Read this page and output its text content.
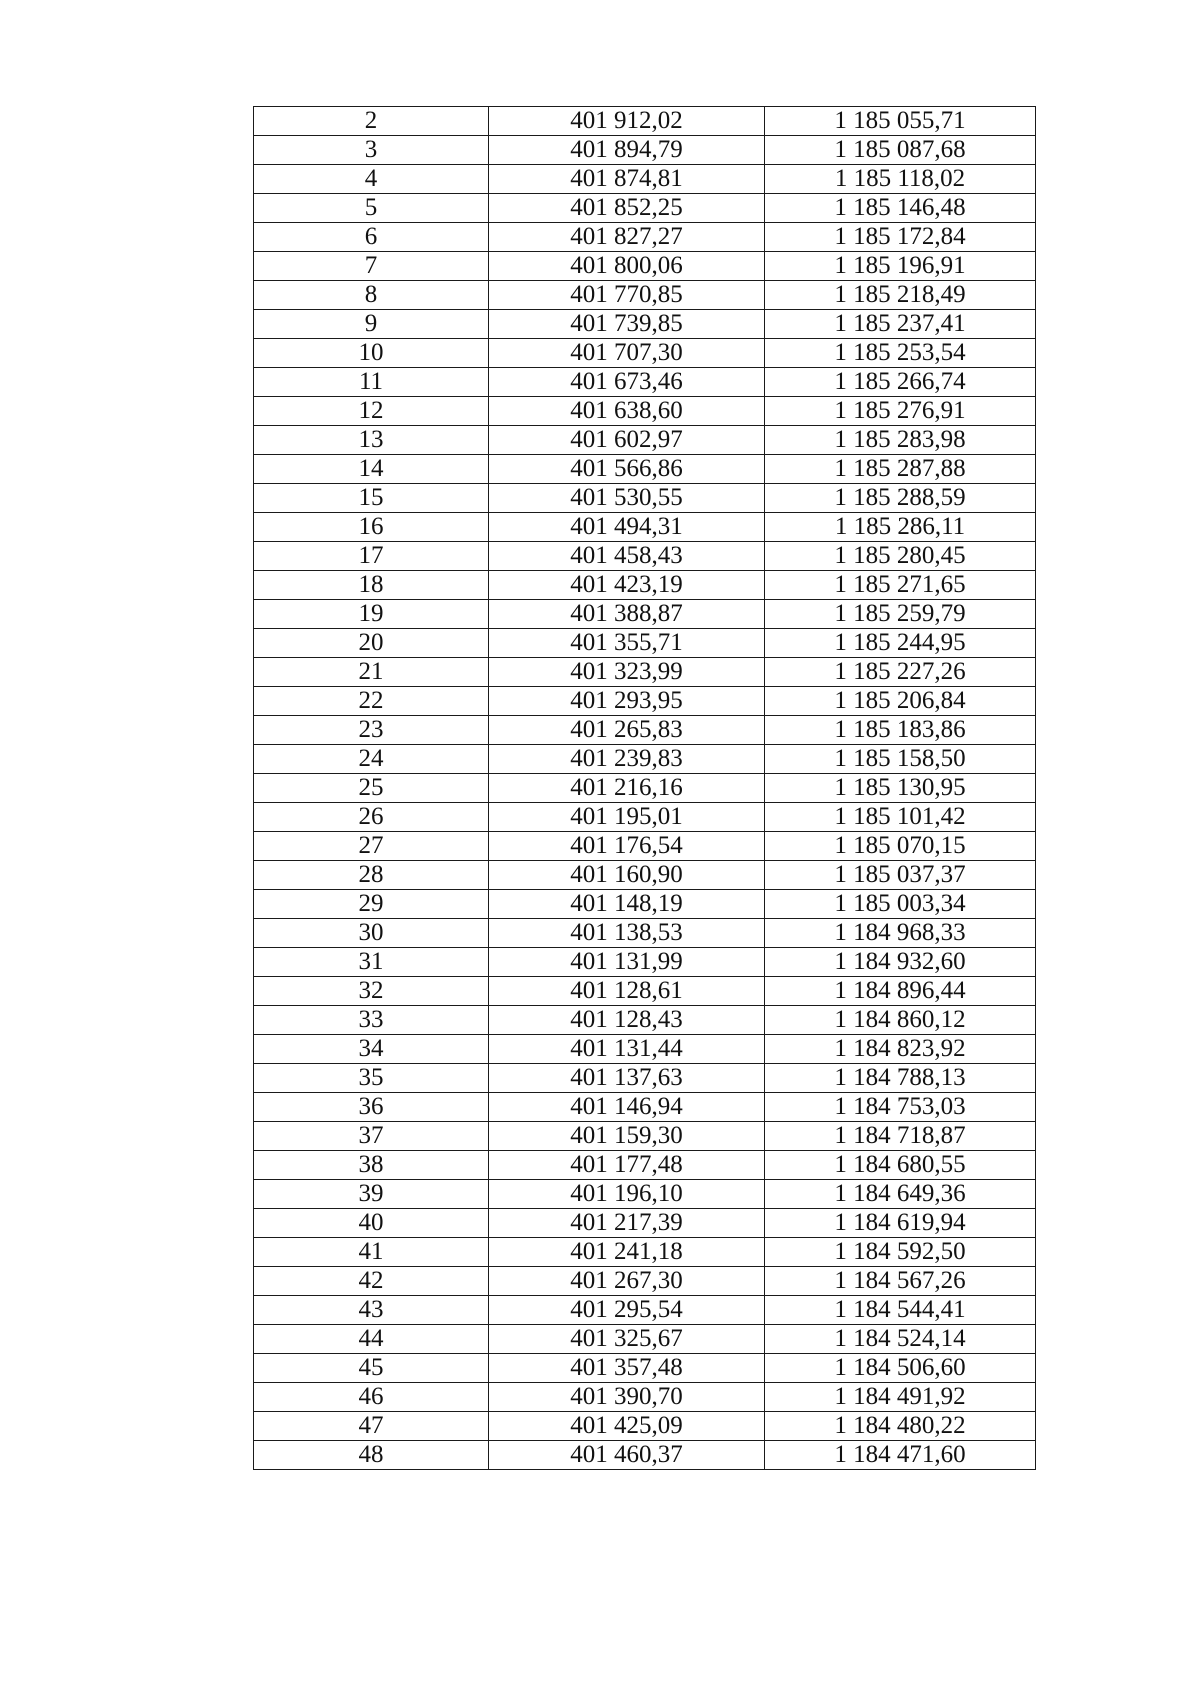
2	401 912,02	1 185 055,71
3	401 894,79	1 185 087,68
4	401 874,81	1 185 118,02
5	401 852,25	1 185 146,48
6	401 827,27	1 185 172,84
7	401 800,06	1 185 196,91
8	401 770,85	1 185 218,49
9	401 739,85	1 185 237,41
10	401 707,30	1 185 253,54
11	401 673,46	1 185 266,74
12	401 638,60	1 185 276,91
13	401 602,97	1 185 283,98
14	401 566,86	1 185 287,88
15	401 530,55	1 185 288,59
16	401 494,31	1 185 286,11
17	401 458,43	1 185 280,45
18	401 423,19	1 185 271,65
19	401 388,87	1 185 259,79
20	401 355,71	1 185 244,95
21	401 323,99	1 185 227,26
22	401 293,95	1 185 206,84
23	401 265,83	1 185 183,86
24	401 239,83	1 185 158,50
25	401 216,16	1 185 130,95
26	401 195,01	1 185 101,42
27	401 176,54	1 185 070,15
28	401 160,90	1 185 037,37
29	401 148,19	1 185 003,34
30	401 138,53	1 184 968,33
31	401 131,99	1 184 932,60
32	401 128,61	1 184 896,44
33	401 128,43	1 184 860,12
34	401 131,44	1 184 823,92
35	401 137,63	1 184 788,13
36	401 146,94	1 184 753,03
37	401 159,30	1 184 718,87
38	401 177,48	1 184 680,55
39	401 196,10	1 184 649,36
40	401 217,39	1 184 619,94
41	401 241,18	1 184 592,50
42	401 267,30	1 184 567,26
43	401 295,54	1 184 544,41
44	401 325,67	1 184 524,14
45	401 357,48	1 184 506,60
46	401 390,70	1 184 491,92
47	401 425,09	1 184 480,22
48	401 460,37	1 184 471,60
